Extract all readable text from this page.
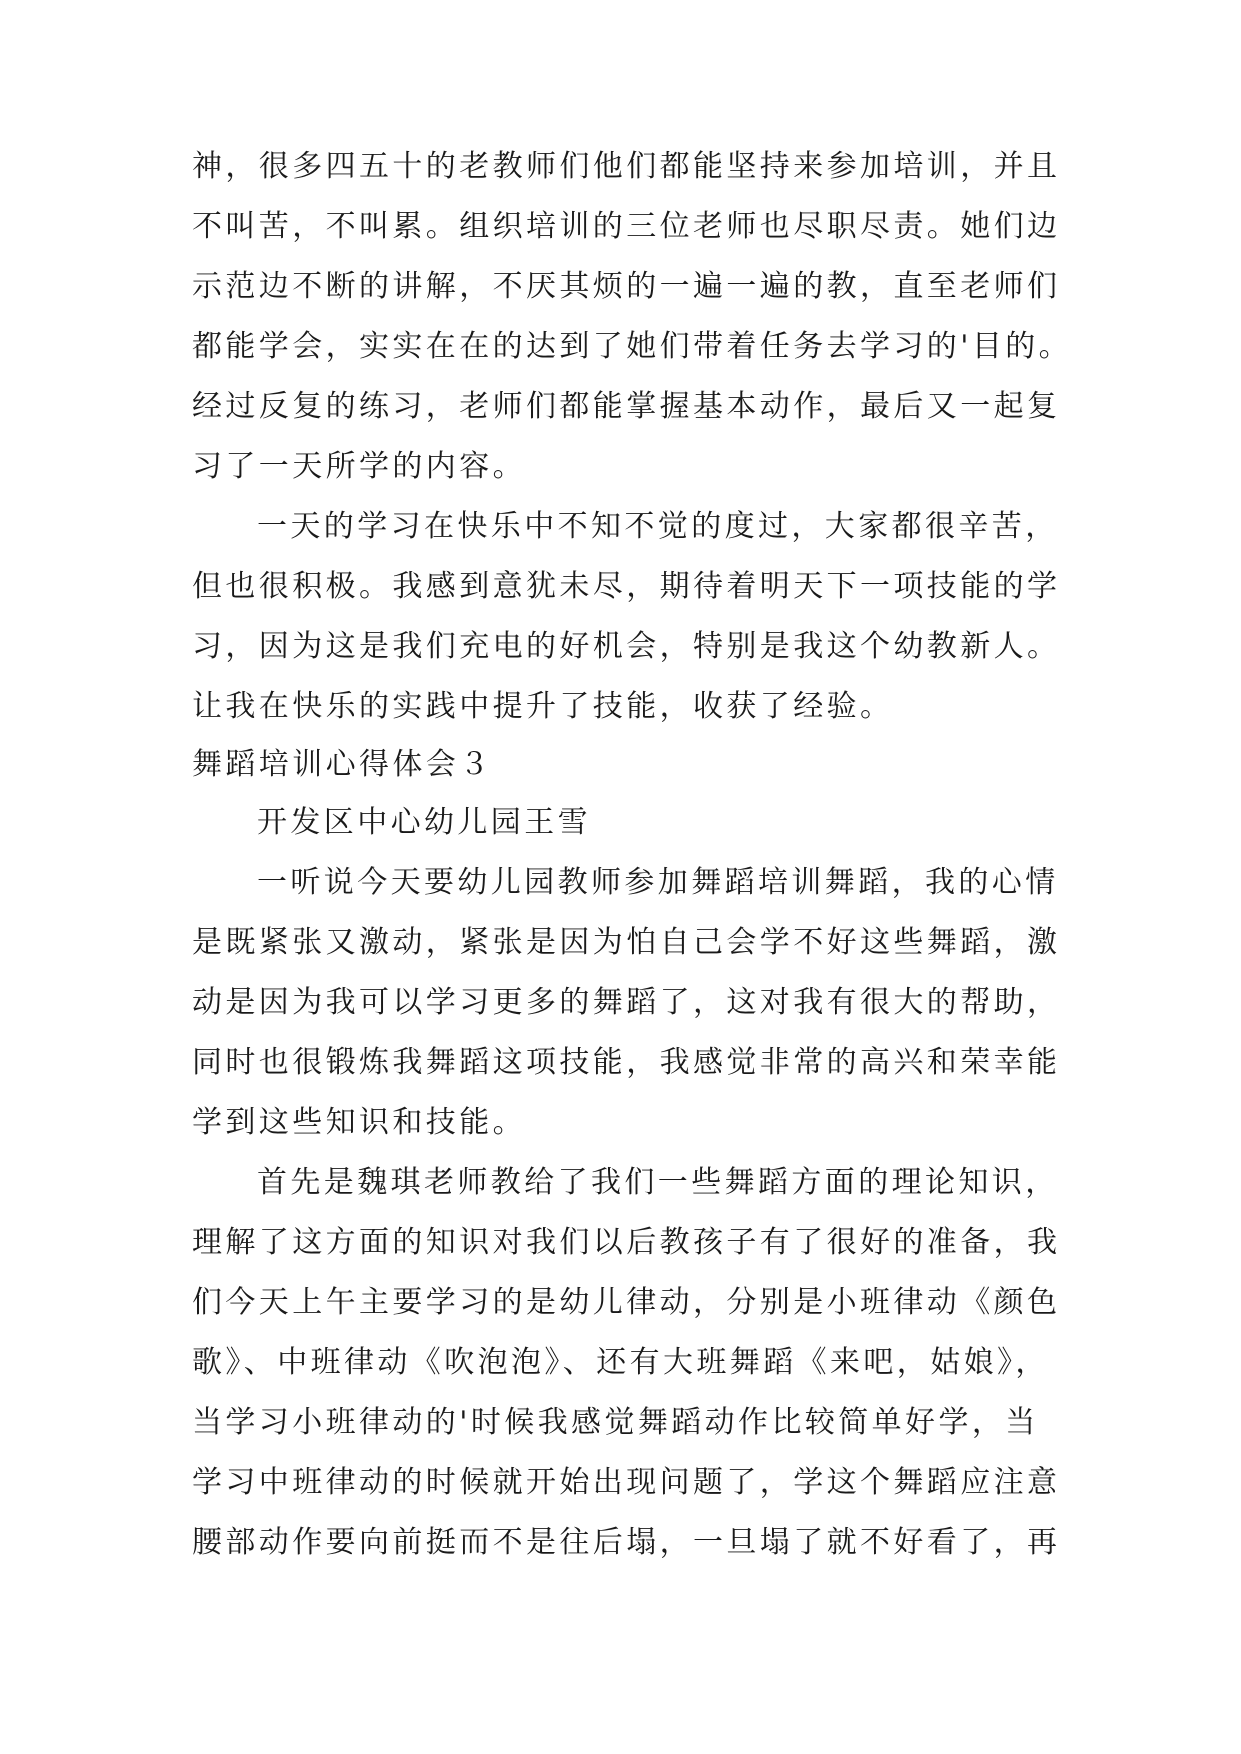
神，很多四五十的老教师们他们都能坚持来参加培训，并且
不叫苦，不叫累。组织培训的三位老师也尽职尽责。她们边
示范边不断的讲解，不厌其烦的一遍一遍的教，直至老师们
都能学会，实实在在的达到了她们带着任务去学习的'目的。
经过反复的练习，老师们都能掌握基本动作，最后又一起复
习了一天所学的内容。
一天的学习在快乐中不知不觉的度过，大家都很辛苦，
但也很积极。我感到意犹未尽，期待着明天下一项技能的学
习，因为这是我们充电的好机会，特别是我这个幼教新人。
让我在快乐的实践中提升了技能，收获了经验。
舞蹈培训心得体会３
开发区中心幼儿园王雪
一听说今天要幼儿园教师参加舞蹈培训舞蹈，我的心情
是既紧张又激动，紧张是因为怕自己会学不好这些舞蹈，激
动是因为我可以学习更多的舞蹈了，这对我有很大的帮助，
同时也很锻炼我舞蹈这项技能，我感觉非常的高兴和荣幸能
学到这些知识和技能。
首先是魏琪老师教给了我们一些舞蹈方面的理论知识，
理解了这方面的知识对我们以后教孩子有了很好的准备，我
们今天上午主要学习的是幼儿律动，分别是小班律动《颜色
歌》、中班律动《吹泡泡》、还有大班舞蹈《来吧，姑娘》，
当学习小班律动的'时候我感觉舞蹈动作比较简单好学，当
学习中班律动的时候就开始出现问题了，学这个舞蹈应注意
腰部动作要向前挺而不是往后塌，一旦塌了就不好看了，再
